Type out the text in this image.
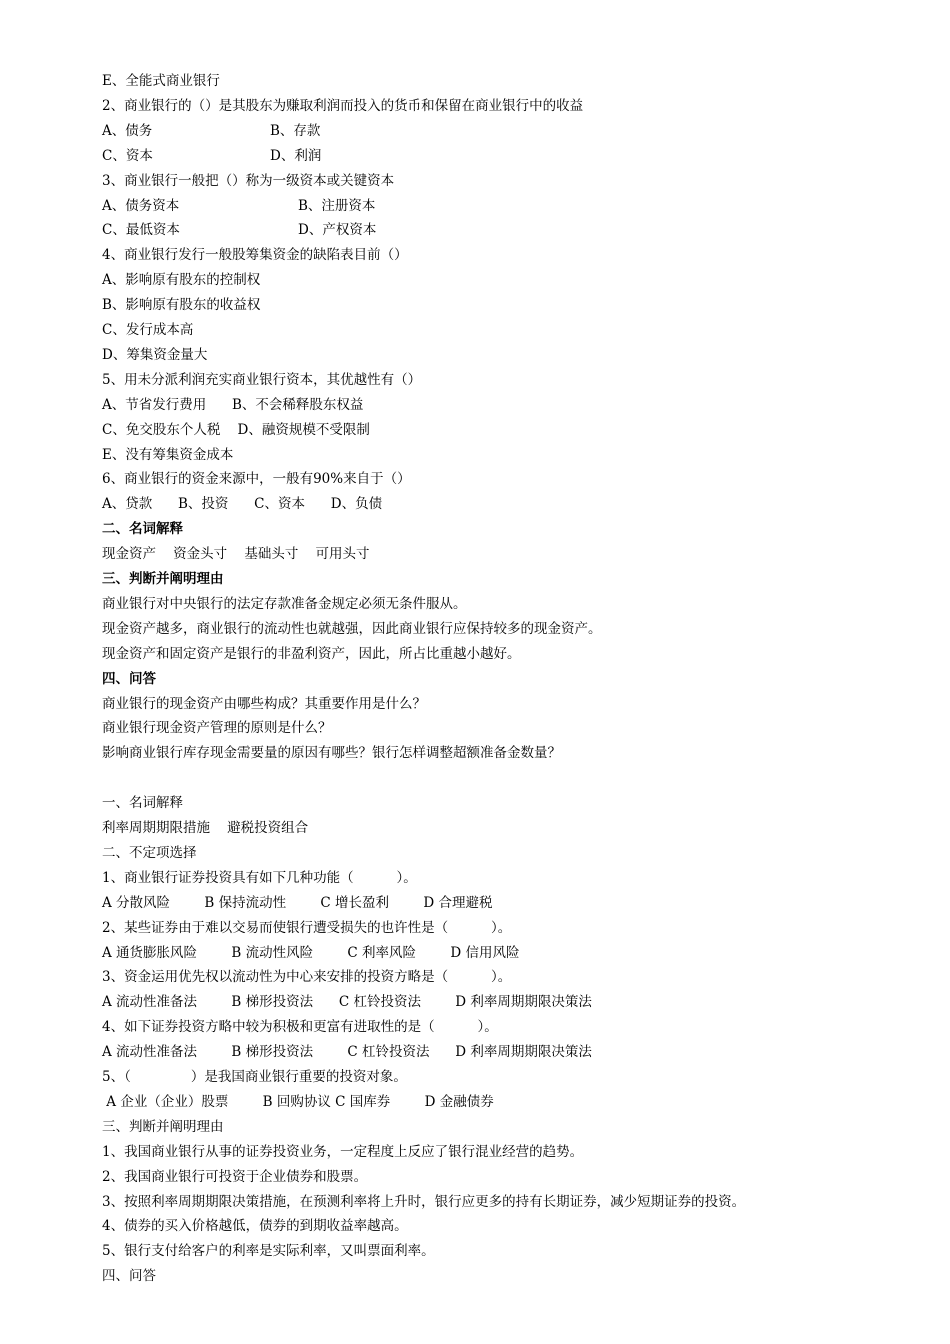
E、全能式商业银行
2、商业银行的（）是其股东为赚取利润而投入的货币和保留在商业银行中的收益
A、债务	B、存款
C、资本	D、利润
3、商业银行一般把（）称为一级资本或关键资本
A、债务资本	B、注册资本
C、最低资本	D、产权资本
4、商业银行发行一般股筹集资金的缺陷表目前（）
A、影响原有股东的控制权
B、影响原有股东的收益权
C、发行成本高
D、筹集资金量大
5、用未分派利润充实商业银行资本，其优越性有（）
A、节省发行费用      B、不会稀释股东权益
C、免交股东个人税    D、融资规模不受限制
E、没有筹集资金成本
6、商业银行的资金来源中，一般有90%来自于（）
A、贷款      B、投资      C、资本      D、负债
二、名词解释
现金资产    资金头寸    基础头寸    可用头寸
三、判断并阐明理由
商业银行对中央银行的法定存款准备金规定必须无条件服从。
现金资产越多，商业银行的流动性也就越强，因此商业银行应保持较多的现金资产。
现金资产和固定资产是银行的非盈利资产，因此，所占比重越小越好。
四、问答
商业银行的现金资产由哪些构成？其重要作用是什么？
商业银行现金资产管理的原则是什么？
影响商业银行库存现金需要量的原因有哪些？银行怎样调整超额准备金数量？
一、名词解释
利率周期期限措施    避税投资组合
二、不定项选择
1、商业银行证券投资具有如下几种功能（          ）。
A 分散风险        B 保持流动性        C 增长盈利        D 合理避税
2、某些证券由于难以交易而使银行遭受损失的也许性是（          ）。
A 通货膨胀风险        B 流动性风险        C 利率风险        D 信用风险
3、资金运用优先权以流动性为中心来安排的投资方略是（          ）。
A 流动性准备法        B 梯形投资法      C 杠铃投资法        D 利率周期期限决策法
4、如下证券投资方略中较为积极和更富有进取性的是（          ）。
A 流动性准备法        B 梯形投资法        C 杠铃投资法      D 利率周期期限决策法
5、（              ）是我国商业银行重要的投资对象。
A 企业（企业）股票        B 回购协议 C 国库券        D 金融债券
三、判断并阐明理由
1、我国商业银行从事的证券投资业务，一定程度上反应了银行混业经营的趋势。
2、我国商业银行可投资于企业债券和股票。
3、按照利率周期期限决策措施，在预测利率将上升时，银行应更多的持有长期证券，减少短期证券的投资。
4、债券的买入价格越低，债券的到期收益率越高。
5、银行支付给客户的利率是实际利率，又叫票面利率。
四、问答
